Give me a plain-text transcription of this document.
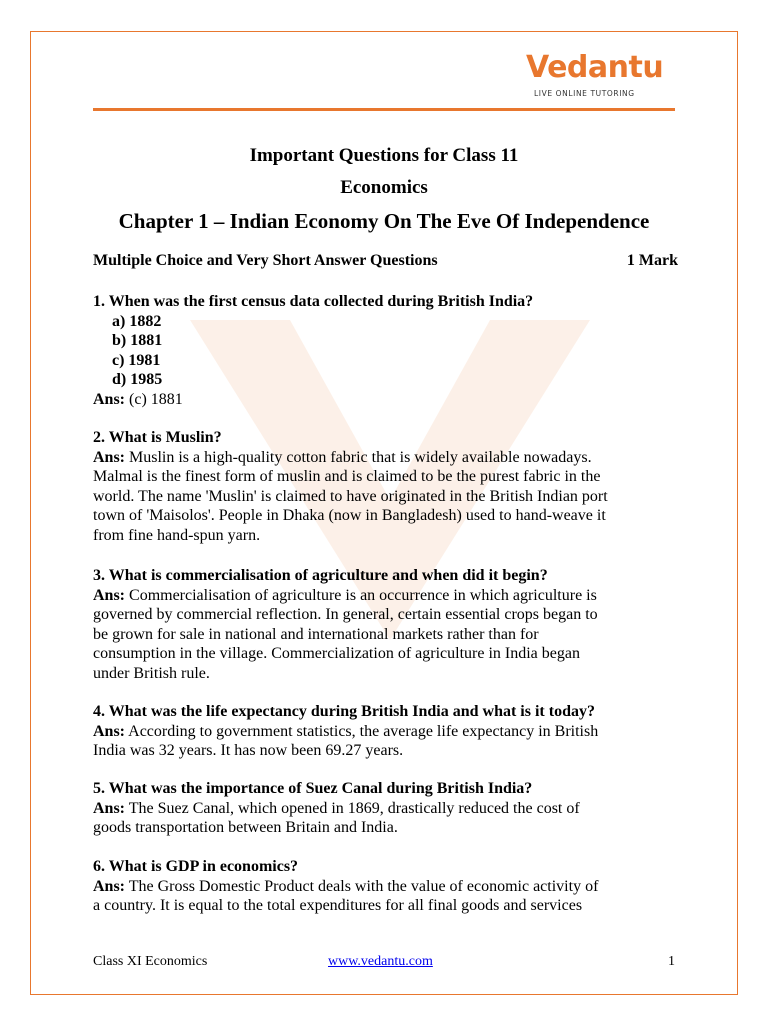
Vedantu
LIVE ONLINE TUTORING
Important Questions for Class 11
Economics
Chapter 1 – Indian Economy On The Eve Of Independence
Multiple Choice and Very Short Answer Questions	1 Mark
1. When was the first census data collected during British India?
a) 1882
b) 1881
c) 1981
d) 1985
Ans: (c) 1881
2. What is Muslin?
Ans: Muslin is a high-quality cotton fabric that is widely available nowadays.
Malmal is the finest form of muslin and is claimed to be the purest fabric in the
world. The name 'Muslin' is claimed to have originated in the British Indian port
town of 'Maisolos'. People in Dhaka (now in Bangladesh) used to hand-weave it
from fine hand-spun yarn.
3. What is commercialisation of agriculture and when did it begin?
Ans: Commercialisation of agriculture is an occurrence in which agriculture is
governed by commercial reflection. In general, certain essential crops began to
be grown for sale in national and international markets rather than for
consumption in the village. Commercialization of agriculture in India began
under British rule.
4. What was the life expectancy during British India and what is it today?
Ans: According to government statistics, the average life expectancy in British
India was 32 years. It has now been 69.27 years.
5. What was the importance of Suez Canal during British India?
Ans: The Suez Canal, which opened in 1869, drastically reduced the cost of
goods transportation between Britain and India.
6. What is GDP in economics?
Ans: The Gross Domestic Product deals with the value of economic activity of
a country. It is equal to the total expenditures for all final goods and services
Class XI Economics	www.vedantu.com	1
